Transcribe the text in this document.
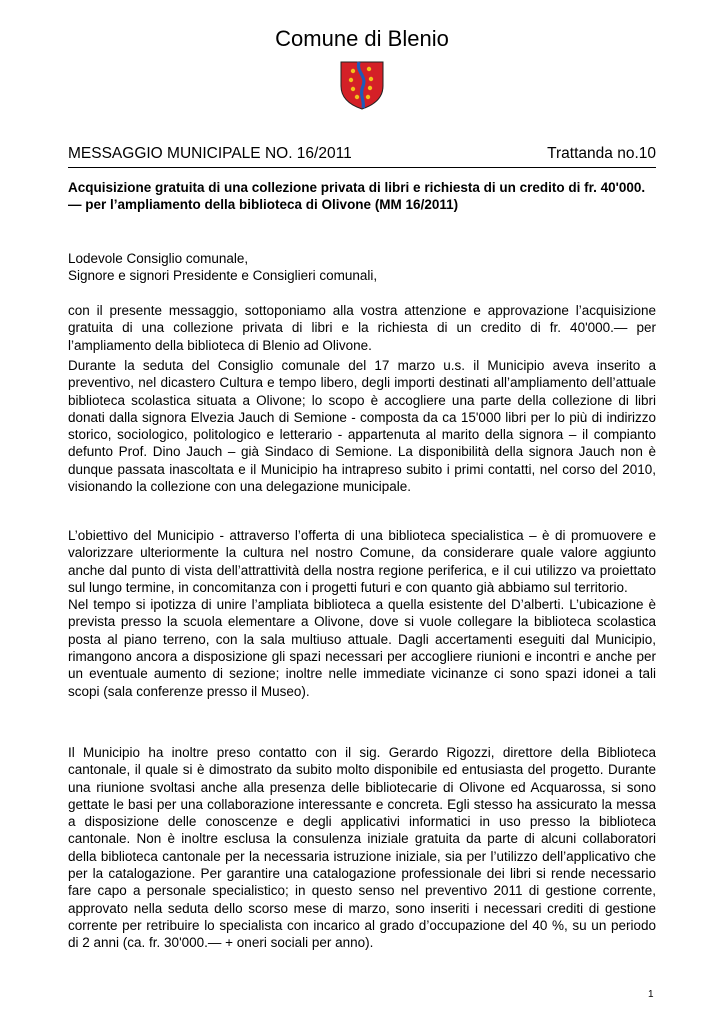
Comune di Blenio
MESSAGGIO MUNICIPALE NO. 16/2011	Trattanda no.10
Acquisizione gratuita di una collezione privata di libri e richiesta di un credito di fr. 40'000.— per l’ampliamento della biblioteca di Olivone (MM 16/2011)
Lodevole Consiglio comunale,
Signore e signori Presidente e Consiglieri comunali,
con il presente messaggio, sottoponiamo alla vostra attenzione e approvazione l’acquisizione gratuita di una collezione privata di libri e la richiesta di un credito di fr. 40'000.— per l’ampliamento della biblioteca di Blenio ad Olivone.
Durante la seduta del Consiglio comunale del 17 marzo u.s. il Municipio aveva inserito a preventivo, nel dicastero Cultura e tempo libero, degli importi destinati all’ampliamento dell’attuale biblioteca scolastica situata a Olivone; lo scopo è accogliere una parte della collezione di libri donati dalla signora Elvezia Jauch di Semione - composta da ca 15'000 libri per lo più di indirizzo storico, sociologico, politologico e letterario - appartenuta al marito della signora – il compianto defunto Prof. Dino Jauch – già Sindaco di Semione. La disponibilità della signora Jauch non è dunque passata inascoltata e il Municipio ha intrapreso subito i primi contatti, nel corso del 2010, visionando la collezione con una delegazione municipale.

L’obiettivo del Municipio - attraverso l’offerta di una biblioteca specialistica – è di promuovere e valorizzare ulteriormente la cultura nel nostro Comune, da considerare quale valore aggiunto anche dal punto di vista dell’attrattività della nostra regione periferica, e il cui utilizzo va proiettato sul lungo termine, in concomitanza con i progetti futuri e con quanto già abbiamo sul territorio.

Nel tempo si ipotizza di unire l’ampliata biblioteca a quella esistente del D’alberti. L’ubicazione è prevista presso la scuola elementare a Olivone, dove si vuole collegare la biblioteca scolastica posta al piano terreno, con la sala multiuso attuale. Dagli accertamenti eseguiti dal Municipio, rimangono ancora a disposizione gli spazi necessari per accogliere riunioni e incontri e anche per un eventuale aumento di sezione; inoltre nelle immediate vicinanze ci sono spazi idonei a tali scopi (sala conferenze presso il Museo).

Il Municipio ha inoltre preso contatto con il sig. Gerardo Rigozzi, direttore della Biblioteca cantonale, il quale si è dimostrato da subito molto disponibile ed entusiasta del progetto. Durante una riunione svoltasi anche alla presenza delle bibliotecarie di Olivone ed Acquarossa, si sono gettate le basi per una collaborazione interessante e concreta. Egli stesso ha assicurato la messa a disposizione delle conoscenze e degli applicativi informatici in uso presso la biblioteca cantonale. Non è inoltre esclusa la consulenza iniziale gratuita da parte di alcuni collaboratori della biblioteca cantonale per la necessaria istruzione iniziale, sia per l’utilizzo dell’applicativo che per la catalogazione. Per garantire una catalogazione professionale dei libri si rende necessario fare capo a personale specialistico; in questo senso nel preventivo 2011 di gestione corrente, approvato nella seduta dello scorso mese di marzo, sono inseriti i necessari crediti di gestione corrente per retribuire lo specialista con incarico al grado d’occupazione del 40 %, su un periodo di 2 anni (ca. fr. 30'000.— + oneri sociali per anno).
1
